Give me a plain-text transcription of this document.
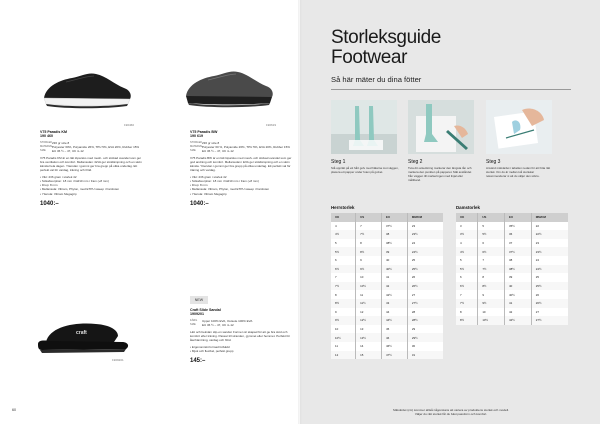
190460	190619
craft
1909201
V75 Paradis KM
190 460
STORLEK 236 gr size 8
MATERIAL Polyester 60%, Polyamide 26%, TPU 5%, EVA 20%, Rubber 15%
SIZE	EU 36 ½ – 47, UK 4–12
V75 Paradis KM är en lätt löparsko med mesh- och stickad ovandel som ger bra ventilation och komfort. Mellansulan i EVA ger stötdämpning och en skön känsla hela dagen. Ytterulan i gummi ger bra grepp på olika underlag. Ett perfekt val för vardag, träning och fritid.
• Vikt: 236 gram i storlek 42
• Stötabsorption: 18 mm i häl/10 mm i fram (+8 mm)
• Drop: 8 mm
• Mellansula: Vibram, Phylon, med ETPU sweep i framfoten
• Ytterula: Vibram Megagrip
1040:–
V75 Paradis BW
190 619
STORLEK 236 gr size 8
MATERIAL Polyester 60 %, Polyamide 26%, TPU 5%, EVA 20%, Rubber 15%
SIZE	EU 36 ½ – 47, UK 4–12
V75 Paradis BW är en lätt löparsko med mesh- och stickad ovandel som ger god andning och komfort. Mellansulan i EVA ger stötdämpning och en skön känsla. Ytterulan i gummi ger bra grepp på olika underlag. Ett perfekt val för träning och vardag.
• Vikt: 236 gram i storlek 42
• Stötabsorption: 18 mm i häl/10 mm i fram (+8 mm)
• Drop: 8 mm
• Mellansula: Vibram, Phylon, med ETPU sweep i framfoten
• Ytterula: Vibram Megagrip
1040:–
NEW
Craft Slide Sandal
1909201
FÄRG	Upper 100% EVA, Outsole 100% EVA
SIZE	EU 36 ½ – 47, UK 4–12
Lätt och bekväm slip-on sandal. Formen är skapad för att ge bra stöd och komfort efter träning. Passar till stranden, gymmet eller hemmet. Perfekt för återhämtning, vardag och fritid.
• Ergonomiskt formad fotbädd
• Mjuk och flexibel, perfekt grepp
145:–
60
Storleksguide
Footwear
Så här mäter du dina fötter
Steg 1
Stå upprätt på ett hårt golv med hälarna mot väggen, placera ett papper under foten på golvet.
Steg 2
Tuta din anteckning markerar den längsta tån och markera den punkten på papperet. Mät avståndet från väggen till markeringen med linjal eller måttband.
Steg 3
Använd mätvärdet i tabellen nedan för att hitta rätt storlek. Om du är mellan två storlekar rekommenderar vi att du väljer den större.
Herrstorlek
UK	US	EU	MM/CM
4	7	37½	23
4½	7½	38	23½
5	8	38½	24
5½	8½	39	24½
6	9	40	25
6½	9½	40½	25½
7	10	41	26
7½	10½	42	26½
8	11	42½	27
8½	11½	43	27½
9	12	44	28
9½	12½	44½	28½
10	13	45	29
10½	13½	46	29½
11	14	46½	30
12	15	47½	31
Damstorlek
UK	US	EU	MM/CM
3	5	35½	22
3½	5½	36	22½
4	6	37	23
4½	6½	37½	23½
5	7	38	24
5½	7½	38½	24½
6	8	39	25
6½	8½	40	25½
7	9	40½	26
7½	9½	41	26½
8	10	42	27
8½	10½	42½	27½
Mätvärdet (cm) kommer alltså någonstans att variera av produktens storlek och modell.
Väljer du rätt storlek får du bäst passform och komfort.
